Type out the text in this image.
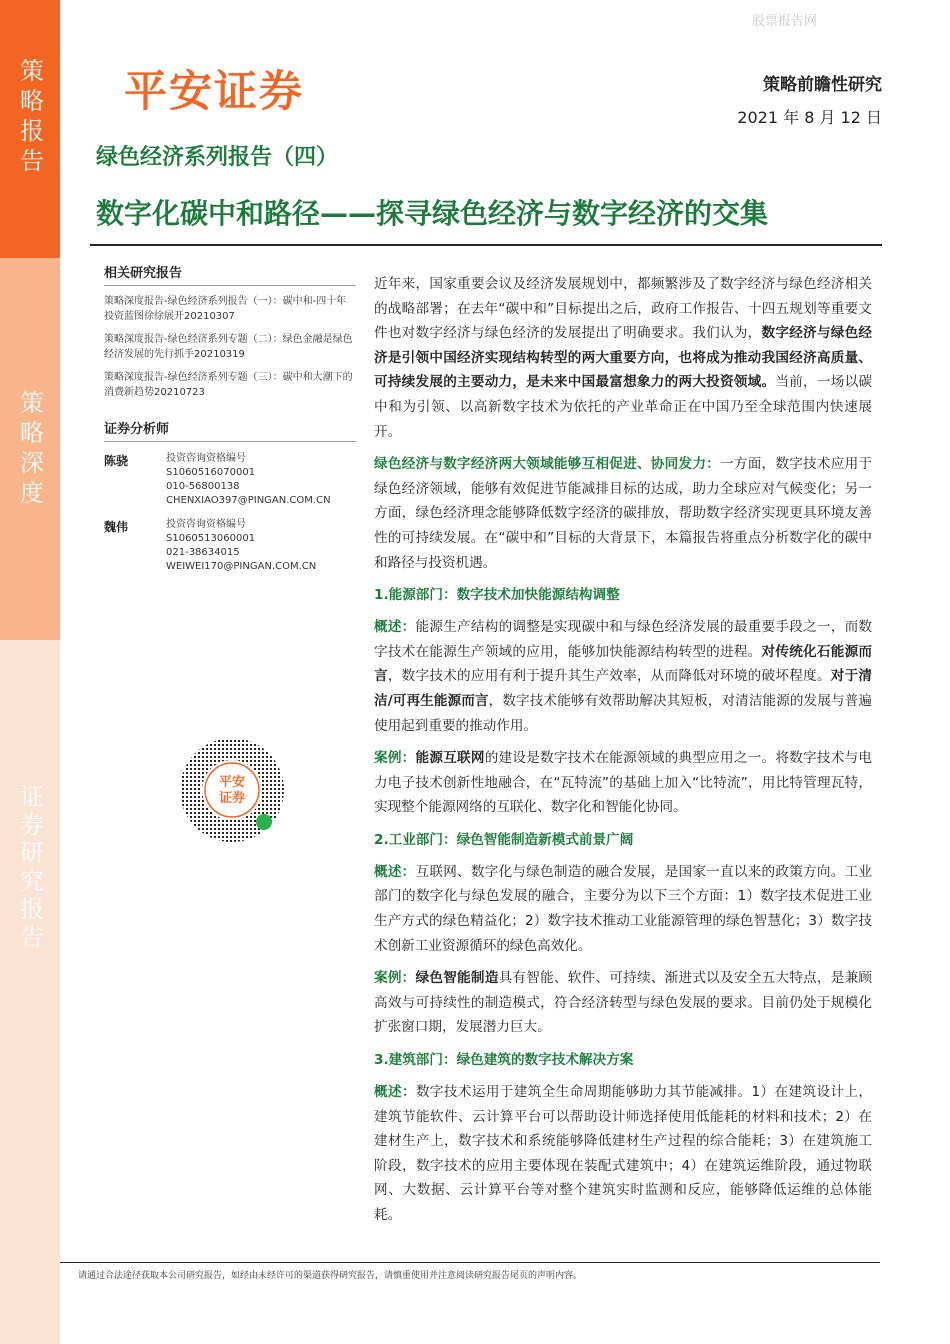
策略报告
策略深度
证券研究报告
股票报告网
平安证券	策略前瞻性研究
2021 年 8 月 12 日
绿色经济系列报告（四）
数字化碳中和路径——探寻绿色经济与数字经济的交集
相关研究报告
策略深度报告-绿色经济系列报告（一）：碳中和-四十年投资蓝图徐徐展开20210307
策略深度报告-绿色经济系列专题（二）：绿色金融是绿色经济发展的先行抓手20210319
策略深度报告-绿色经济系列专题（三）：碳中和大潮下的消费新趋势20210723
证券分析师
陈骁	投资咨询资格编号
S1060516070001
010-56800138
CHENXIAO397@PINGAN.COM.CN
魏伟	投资咨询资格编号
S1060513060001
021-38634015
WEIWEI170@PINGAN.COM.CN
平安
证券

近年来，国家重要会议及经济发展规划中，都频繁涉及了数字经济与绿色经济相关的战略部署；在去年“碳中和”目标提出之后，政府工作报告、十四五规划等重要文件也对数字经济与绿色经济的发展提出了明确要求。我们认为，数字经济与绿色经济是引领中国经济实现结构转型的两大重要方向，也将成为推动我国经济高质量、可持续发展的主要动力，是未来中国最富想象力的两大投资领域。当前，一场以碳中和为引领、以高新数字技术为依托的产业革命正在中国乃至全球范围内快速展开。

绿色经济与数字经济两大领域能够互相促进、协同发力：一方面，数字技术应用于绿色经济领域，能够有效促进节能减排目标的达成，助力全球应对气候变化；另一方面，绿色经济理念能够降低数字经济的碳排放，帮助数字经济实现更具环境友善性的可持续发展。在“碳中和”目标的大背景下，本篇报告将重点分析数字化的碳中和路径与投资机遇。

1.能源部门：数字技术加快能源结构调整

概述：能源生产结构的调整是实现碳中和与绿色经济发展的最重要手段之一，而数字技术在能源生产领域的应用，能够加快能源结构转型的进程。对传统化石能源而言，数字技术的应用有利于提升其生产效率，从而降低对环境的破坏程度。对于清洁/可再生能源而言，数字技术能够有效帮助解决其短板，对清洁能源的发展与普遍使用起到重要的推动作用。

案例：能源互联网的建设是数字技术在能源领域的典型应用之一。将数字技术与电力电子技术创新性地融合，在“瓦特流”的基础上加入“比特流”，用比特管理瓦特，实现整个能源网络的互联化、数字化和智能化协同。

2.工业部门：绿色智能制造新模式前景广阔

概述：互联网、数字化与绿色制造的融合发展，是国家一直以来的政策方向。工业部门的数字化与绿色发展的融合，主要分为以下三个方面：1）数字技术促进工业生产方式的绿色精益化；2）数字技术推动工业能源管理的绿色智慧化；3）数字技术创新工业资源循环的绿色高效化。

案例：绿色智能制造具有智能、软件、可持续、渐进式以及安全五大特点，是兼顾高效与可持续性的制造模式，符合经济转型与绿色发展的要求。目前仍处于规模化扩张窗口期，发展潜力巨大。

3.建筑部门：绿色建筑的数字技术解决方案

概述：数字技术运用于建筑全生命周期能够助力其节能减排。1）在建筑设计上，建筑节能软件、云计算平台可以帮助设计师选择使用低能耗的材料和技术；2）在建材生产上，数字技术和系统能够降低建材生产过程的综合能耗；3）在建筑施工阶段，数字技术的应用主要体现在装配式建筑中；4）在建筑运维阶段，通过物联网、大数据、云计算平台等对整个建筑实时监测和反应，能够降低运维的总体能耗。

请通过合法途径获取本公司研究报告，如经由未经许可的渠道获得研究报告，请慎重使用并注意阅读研究报告尾页的声明内容。
